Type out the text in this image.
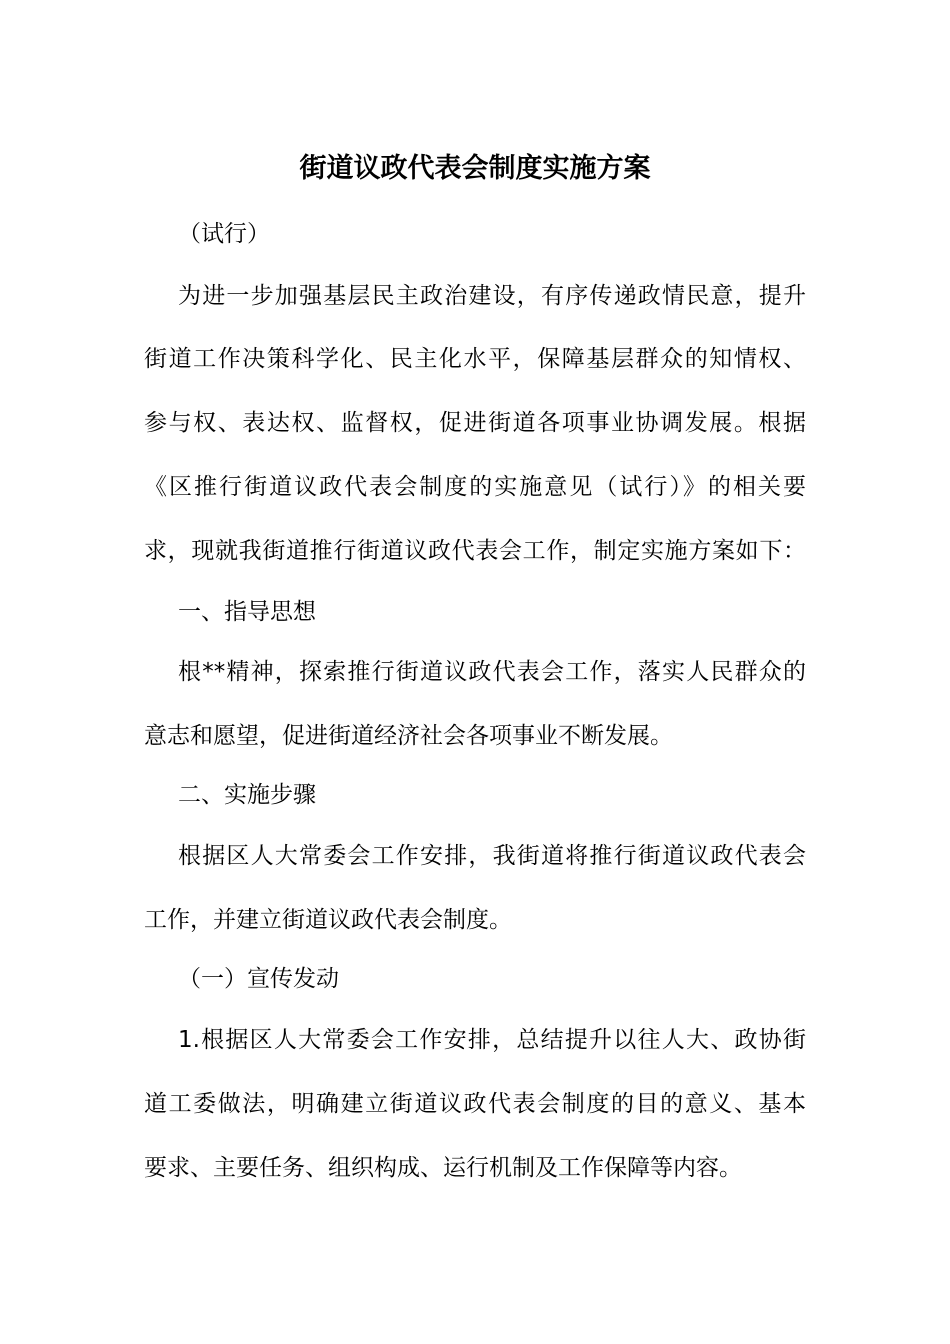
街道议政代表会制度实施方案

（试行）

为进一步加强基层民主政治建设，有序传递政情民意，提升

街道工作决策科学化、民主化水平，保障基层群众的知情权、

参与权、表达权、监督权，促进街道各项事业协调发展。根据

《区推行街道议政代表会制度的实施意见（试行）》的相关要

求，现就我街道推行街道议政代表会工作，制定实施方案如下：

一、指导思想

根**精神，探索推行街道议政代表会工作，落实人民群众的

意志和愿望，促进街道经济社会各项事业不断发展。

二、实施步骤

根据区人大常委会工作安排，我街道将推行街道议政代表会

工作，并建立街道议政代表会制度。

（一）宣传发动

1.根据区人大常委会工作安排，总结提升以往人大、政协街

道工委做法，明确建立街道议政代表会制度的目的意义、基本

要求、主要任务、组织构成、运行机制及工作保障等内容。
